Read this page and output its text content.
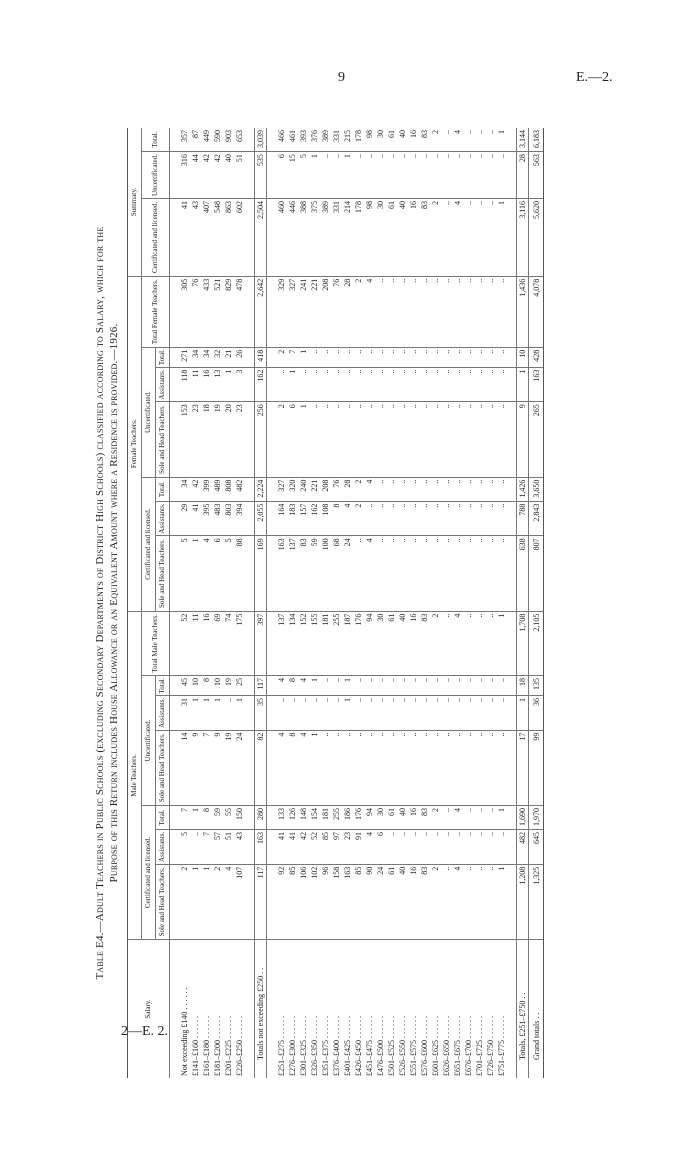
9	E.—2.
2—E. 2.
Table E4.—Adult Teachers in Public Schools (excluding Secondary Departments of District High Schools) classified according to Salary, which for the Purpose of this Return includes House Allowance or an Equivalent Amount where a Residence is provided.—1926.
Salary.	Male Teachers.							Female Teachers.							Summary.		
	Certificated and licensed.			Uncertificated.			Total Male Teachers.	Certificated and licensed.			Uncertificated.			Total Female Teachers.	Certificated and licensed.	Uncertificated.	Total.
	Sole and Head Teachers.	Assistants.	Total.	Sole and Head Teachers.	Assistants.	Total.		Sole and Head Teachers.	Assistants.	Total.	Sole and Head Teachers.	Assistants.	Total.				

Not exceeding £140 . . . . . .	2	5	7	14	31	45	52	5	29	34	153	118	271	305	41	316	357
£141–£160 . . . . . .	1	..	1	9	1	10	11	1	41	42	23	11	34	76	43	44	87
£161–£180 . . . . . .	1	7	8	7	1	8	16	4	395	399	18	16	34	433	407	42	449
£181–£200 . . . . . .	2	57	59	9	1	10	69	6	483	489	19	13	32	521	548	42	590
£201–£225 . . . . . .	4	51	55	19	..	19	74	5	803	808	20	1	21	829	863	40	903
£226–£250 . . . . . .	107	43	150	24	1	25	175	88	394	482	23	3	26	478	602	51	653

Totals not exceeding £250 . .	117	163	280	82	35	117	397	169	2,055	2,224	256	162	418	2,642	2,504	535	3,039

£251–£275 . . . . . .	92	41	133	4	..	4	137	163	164	327	2	..	2	329	460	6	466
£276–£300 . . . . . .	85	41	126	8	..	8	134	137	183	320	6	1	7	327	446	15	461
£301–£325 . . . . . .	106	42	148	4	..	4	152	83	157	240	1	..	1	241	388	5	393
£326–£350 . . . . . .	102	52	154	1	..	1	155	59	162	221	..	..	..	221	375	1	376
£351–£375 . . . . . .	96	85	181	..	..	..	181	100	108	208	..	..	..	208	389	..	389
£376–£400 . . . . . .	158	97	255	..	..	..	255	68	8	76	..	..	..	76	331	..	331
£401–£425 . . . . . .	163	23	186	..	1	1	187	24	4	28	..	..	..	28	214	1	215
£426–£450 . . . . . .	85	91	176	..	..	..	176	..	2	2	..	..	..	2	178	..	178
£451–£475 . . . . . .	90	4	94	..	..	..	94	4	..	4	..	..	..	4	98	..	98
£476–£500 . . . . . .	24	6	30	..	..	..	30	..	..	..	..	..	..	..	30	..	30
£501–£525 . . . . . .	61	..	61	..	..	..	61	..	..	..	..	..	..	..	61	..	61
£526–£550 . . . . . .	40	..	40	..	..	..	40	..	..	..	..	..	..	..	40	..	40
£551–£575 . . . . . .	16	..	16	..	..	..	16	..	..	..	..	..	..	..	16	..	16
£576–£600 . . . . . .	83	..	83	..	..	..	83	..	..	..	..	..	..	..	83	..	83
£601–£625 . . . . . .	2	..	2	..	..	..	2	..	..	..	..	..	..	..	2	..	2
£626–£650 . . . . . .	..	..	..	..	..	..	..	..	..	..	..	..	..	..	..	..	..
£651–£675 . . . . . .	4	..	4	..	..	..	4	..	..	..	..	..	..	..	4	..	4
£676–£700 . . . . . .	..	..	..	..	..	..	..	..	..	..	..	..	..	..	..	..	..
£701–£725 . . . . . .	..	..	..	..	..	..	..	..	..	..	..	..	..	..	..	..	..
£726–£750 . . . . . .	..	..	..	..	..	..	..	..	..	..	..	..	..	..	..	..	..
£751–£775 . . . . . .	1	..	1	..	..	..	1	..	..	..	..	..	..	..	1	..	1

Totals, £251–£750 . .	1,208	482	1,690	17	1	18	1,708	638	788	1,426	9	1	10	1,436	3,116	28	3,144
Grand totals . .	1,325	645	1,970	99	36	135	2,105	807	2,843	3,650	265	163	428	4,078	5,620	563	6,183
